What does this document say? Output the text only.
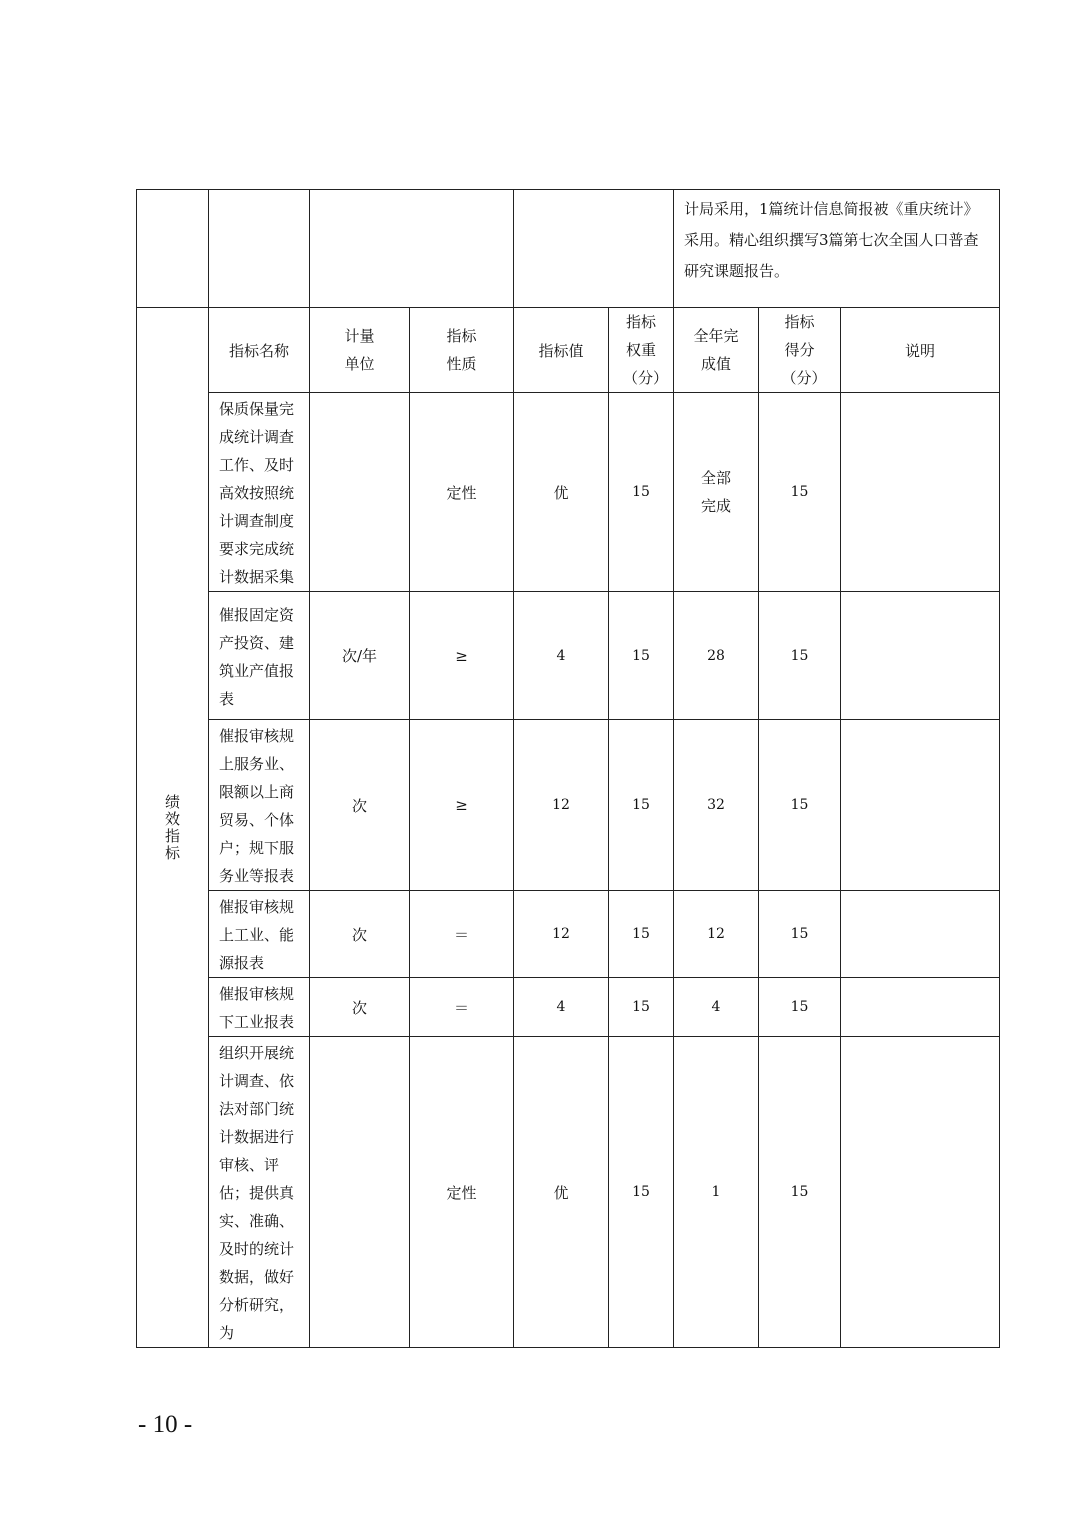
						计局采用，1篇统计信息简报被《重庆统计》采用。精心组织撰写3篇第七次全国人口普查研究课题报告。		

绩效指标	指标名称	计量单位	指标性质	指标值	指标权重（分）	全年完成值	指标得分（分）	说明

	保质保量完成统计调查工作、及时高效按照统计调查制度要求完成统计数据采集		定性	优	15	全部完成	15	
	催报固定资产投资、建筑业产值报表	次/年	≥	4	15	28	15	
	催报审核规上服务业、限额以上商贸易、个体户；规下服务业等报表	次	≥	12	15	32	15	
	催报审核规上工业、能源报表	次	＝	12	15	12	15	
	催报审核规下工业报表	次	＝	4	15	4	15	
	组织开展统计调查、依法对部门统计数据进行审核、评估；提供真实、准确、及时的统计数据，做好分析研究，为		定性	优	15	1	15	
- 10 -
